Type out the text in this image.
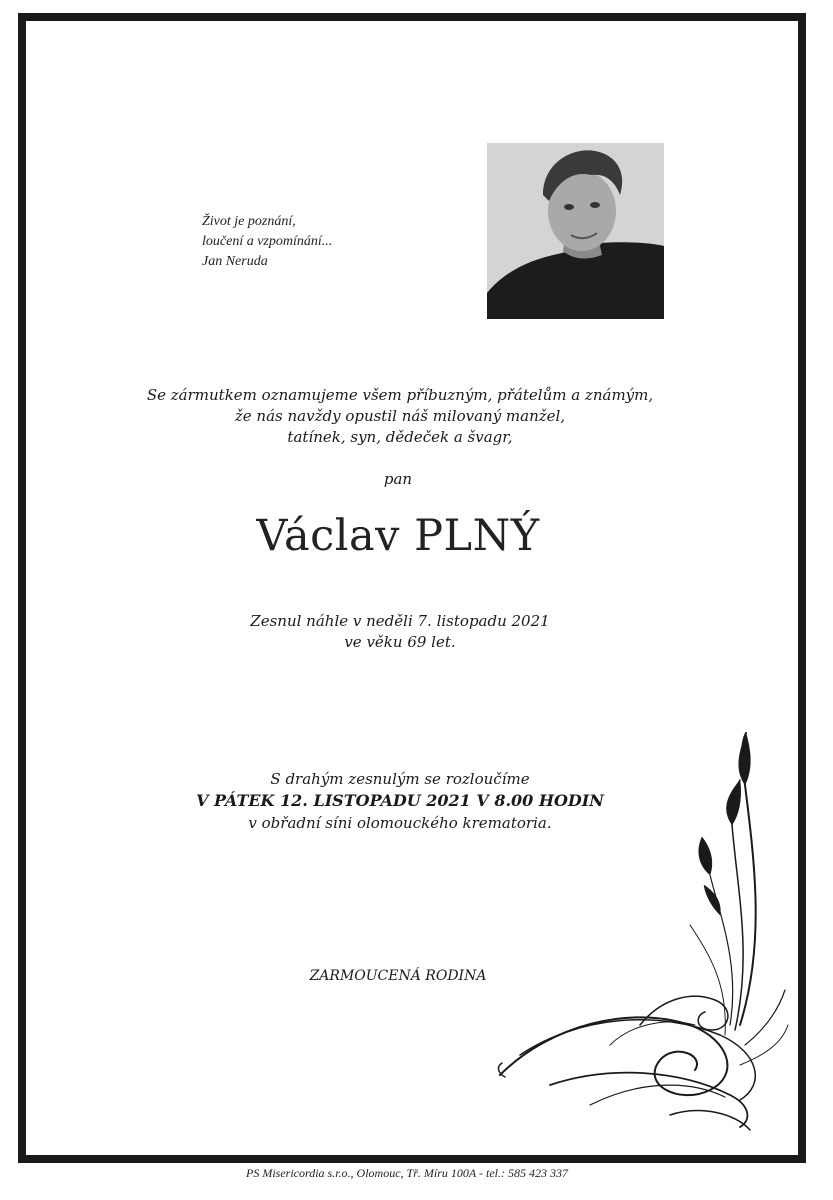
Život je poznání,
loučení a vzpomínání...
Jan Neruda
Se zármutkem oznamujeme všem příbuzným, přátelům a známým,
že nás navždy opustil náš milovaný manžel,
tatínek, syn, dědeček a švagr,
pan
Václav PLNÝ
Zesnul náhle v neděli 7. listopadu 2021
ve věku 69 let.
S drahým zesnulým se rozloučíme
V PÁTEK 12. LISTOPADU 2021 V 8.00 HODIN
v obřadní síni olomouckého krematoria.
ZARMOUCENÁ RODINA
PS Misericordia s.r.o., Olomouc, Tř. Míru 100A - tel.: 585 423 337
